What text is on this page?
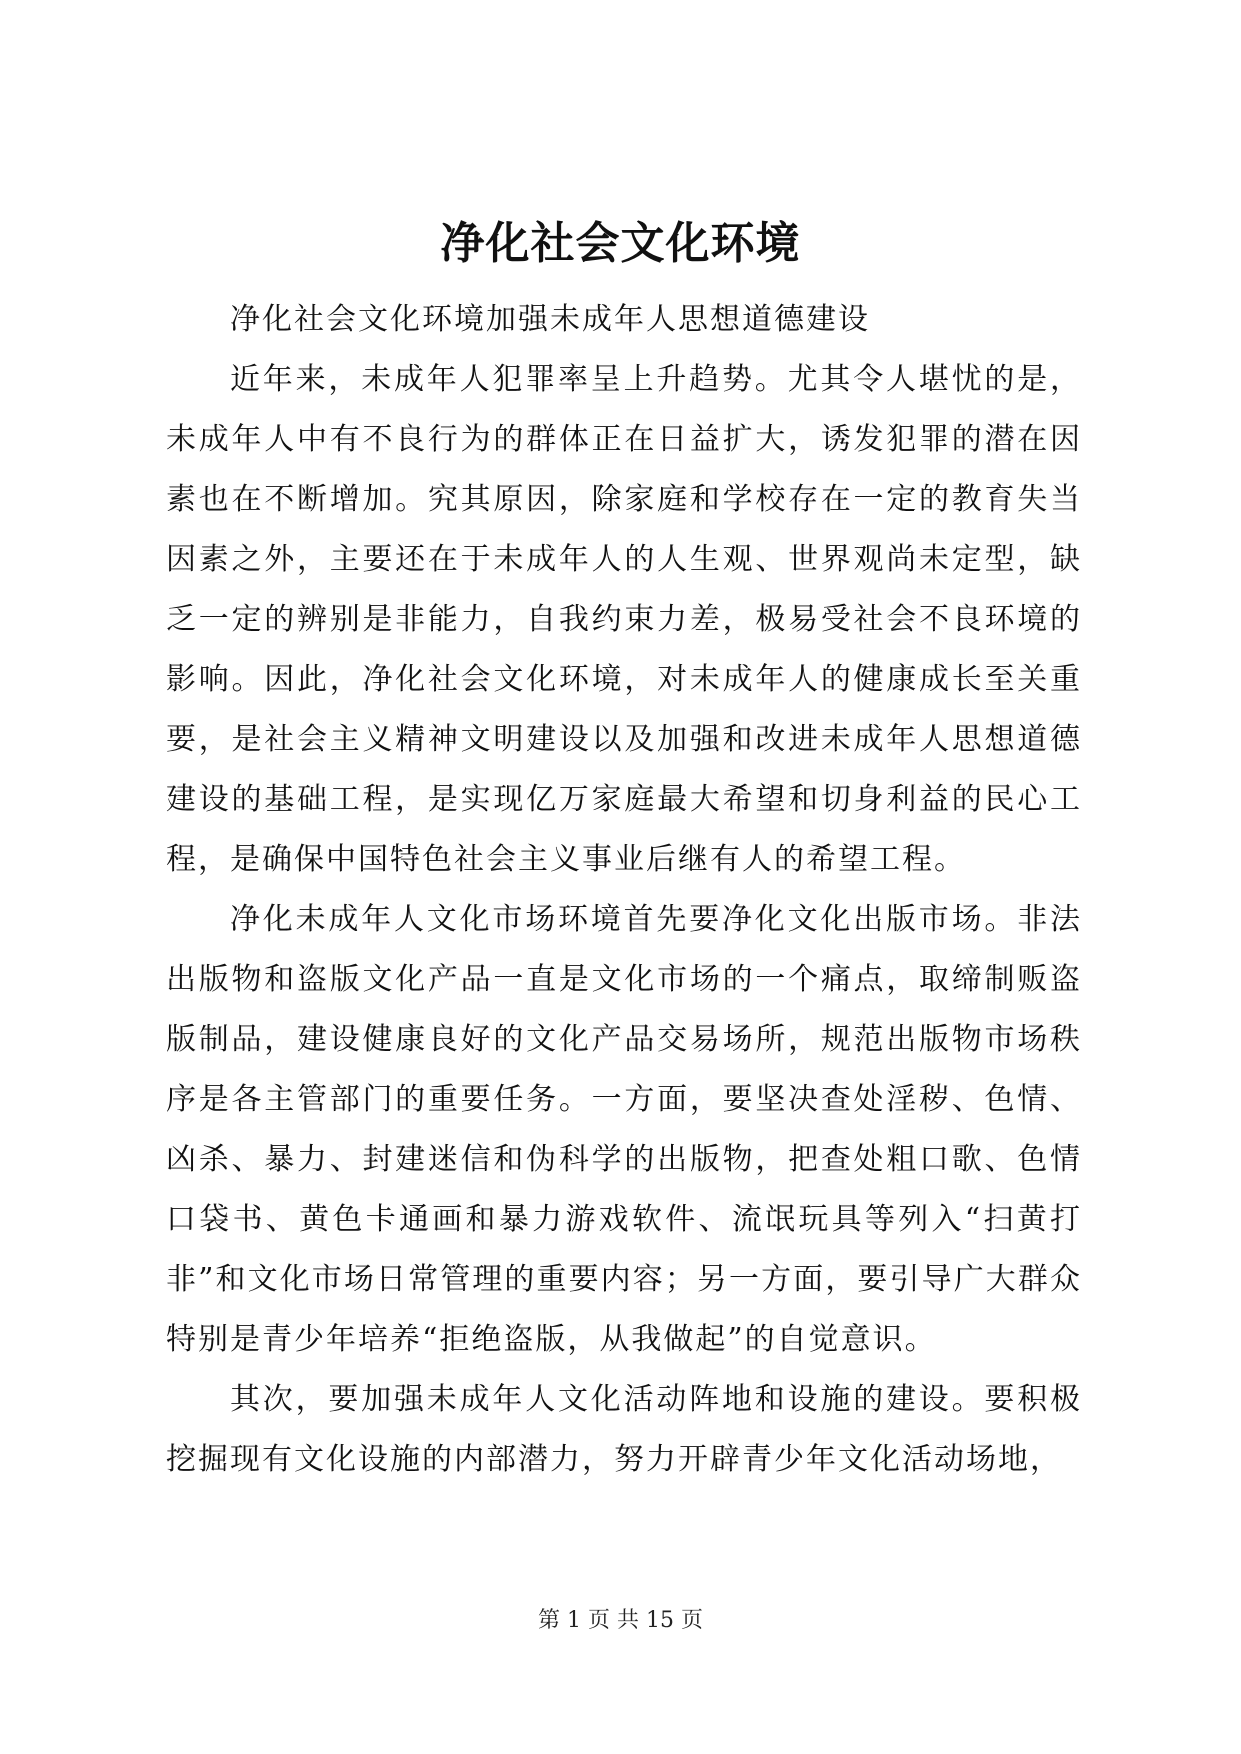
净化社会文化环境

净化社会文化环境加强未成年人思想道德建设

近年来，未成年人犯罪率呈上升趋势。尤其令人堪忧的是，未成年人中有不良行为的群体正在日益扩大，诱发犯罪的潜在因素也在不断增加。究其原因，除家庭和学校存在一定的教育失当因素之外，主要还在于未成年人的人生观、世界观尚未定型，缺乏一定的辨别是非能力，自我约束力差，极易受社会不良环境的影响。因此，净化社会文化环境，对未成年人的健康成长至关重要，是社会主义精神文明建设以及加强和改进未成年人思想道德建设的基础工程，是实现亿万家庭最大希望和切身利益的民心工程，是确保中国特色社会主义事业后继有人的希望工程。

净化未成年人文化市场环境首先要净化文化出版市场。非法出版物和盗版文化产品一直是文化市场的一个痛点，取缔制贩盗版制品，建设健康良好的文化产品交易场所，规范出版物市场秩序是各主管部门的重要任务。一方面，要坚决查处淫秽、色情、凶杀、暴力、封建迷信和伪科学的出版物，把查处粗口歌、色情口袋书、黄色卡通画和暴力游戏软件、流氓玩具等列入“扫黄打非”和文化市场日常管理的重要内容；另一方面，要引导广大群众特别是青少年培养“拒绝盗版，从我做起”的自觉意识。

其次，要加强未成年人文化活动阵地和设施的建设。要积极挖掘现有文化设施的内部潜力，努力开辟青少年文化活动场地，

第 1 页 共 15 页
